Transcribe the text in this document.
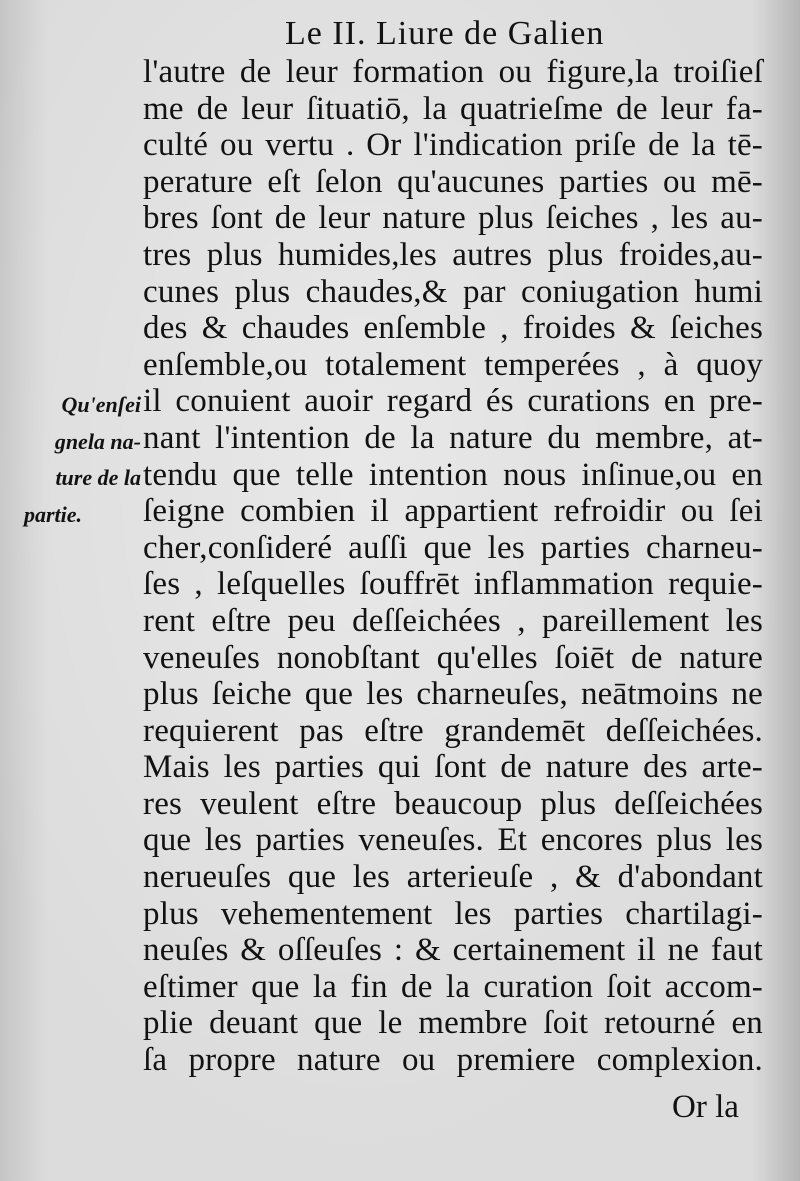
Le II. Liure de Galien
Qu'enſei
gnela na-
ture de la
partie.
l'autre de leur formation ou figure,la troiſieſ
me de leur ſituatiō, la quatrieſme de leur fa-
culté ou vertu . Or l'indication priſe de la tē-
perature eſt ſelon qu'aucunes parties ou mē-
bres ſont de leur nature plus ſeiches , les au-
tres plus humides,les autres plus froides,au-
cunes plus chaudes,& par coniugation humi
des & chaudes enſemble , froides & ſeiches
enſemble,ou totalement temperées , à quoy
il conuient auoir regard és curations en pre-
nant l'intention de la nature du membre, at-
tendu que telle intention nous inſinue,ou en
ſeigne combien il appartient refroidir ou ſei
cher,conſideré auſſi que les parties charneu-
ſes , leſquelles ſouffrēt inflammation requie-
rent eſtre peu deſſeichées , pareillement les
veneuſes nonobſtant qu'elles ſoiēt de nature
plus ſeiche que les charneuſes, neātmoins ne
requierent pas eſtre grandemēt deſſeichées.
Mais les parties qui ſont de nature des arte-
res veulent eſtre beaucoup plus deſſeichées
que les parties veneuſes. Et encores plus les
nerueuſes que les arterieuſe , & d'abondant
plus vehementement les parties chartilagi-
neuſes & oſſeuſes : & certainement il ne faut
eſtimer que la fin de la curation ſoit accom-
plie deuant que le membre ſoit retourné en
ſa propre nature ou premiere complexion.
Or la
